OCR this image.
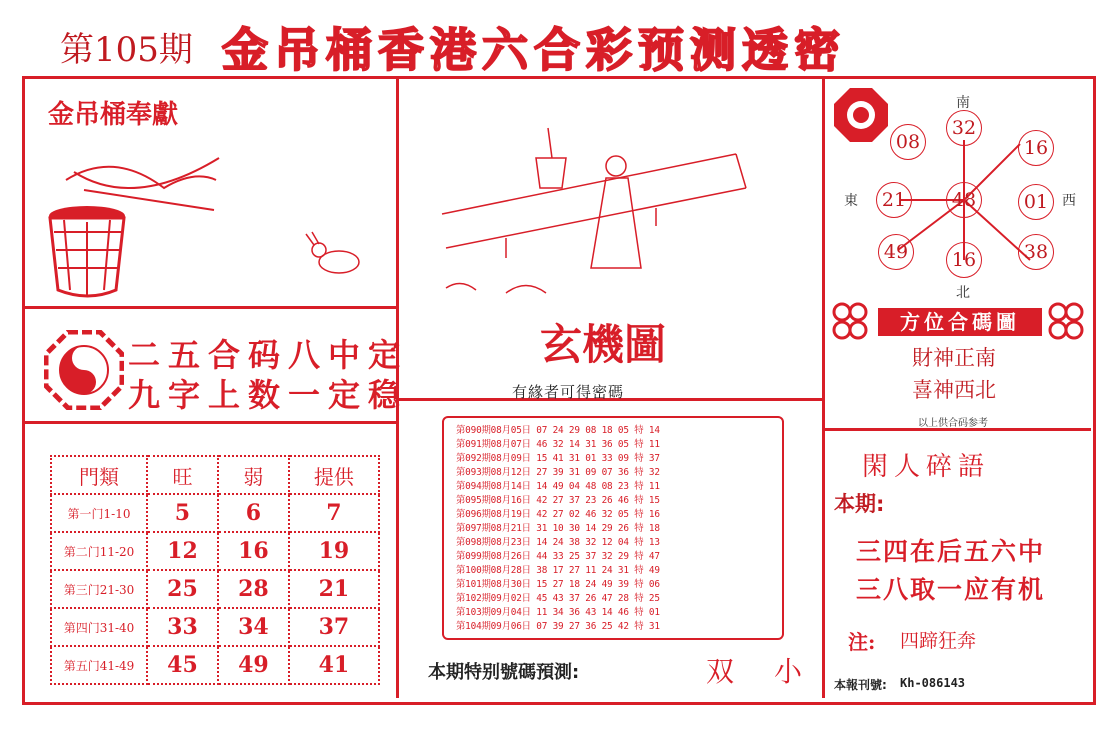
第105期 金吊桶香港六合彩预测透密
金吊桶奉獻
二五合码八中定
九字上数一定稳
門類	旺	弱	提供
第一门1-10	5	6	7
第二门11-20	12	16	19
第三门21-30	25	28	21
第四门31-40	33	34	37
第五门41-49	45	49	41
玄機圖
有緣者可得密碼
第090期08月05日 07 24 29 08 18 05 特 14
第091期08月07日 46 32 14 31 36 05 特 11
第092期08月09日 15 41 31 01 33 09 特 37
第093期08月12日 27 39 31 09 07 36 特 32
第094期08月14日 14 49 04 48 08 23 特 11
第095期08月16日 42 27 37 23 26 46 特 15
第096期08月19日 42 27 02 46 32 05 特 16
第097期08月21日 31 10 30 14 29 26 特 18
第098期08月23日 14 24 38 32 12 04 特 13
第099期08月26日 44 33 25 37 32 29 特 47
第100期08月28日 38 17 27 11 24 31 特 49
第101期08月30日 15 27 18 24 49 39 特 06
第102期09月02日 45 43 37 26 47 28 特 25
第103期09月04日 11 34 36 43 14 46 特 01
第104期09月06日 07 39 27 36 25 42 特 31
本期特别號碼預測:	双 小
南
東	西
北
32
08	16
21	48	01
49	16	38
方位合碼圖
財神正南
喜神西北
以上供合码参考
閑人碎語
本期:
三四在后五六中
三八取一应有机
注: 四蹄狂奔
本報刊號: Kh-086143
